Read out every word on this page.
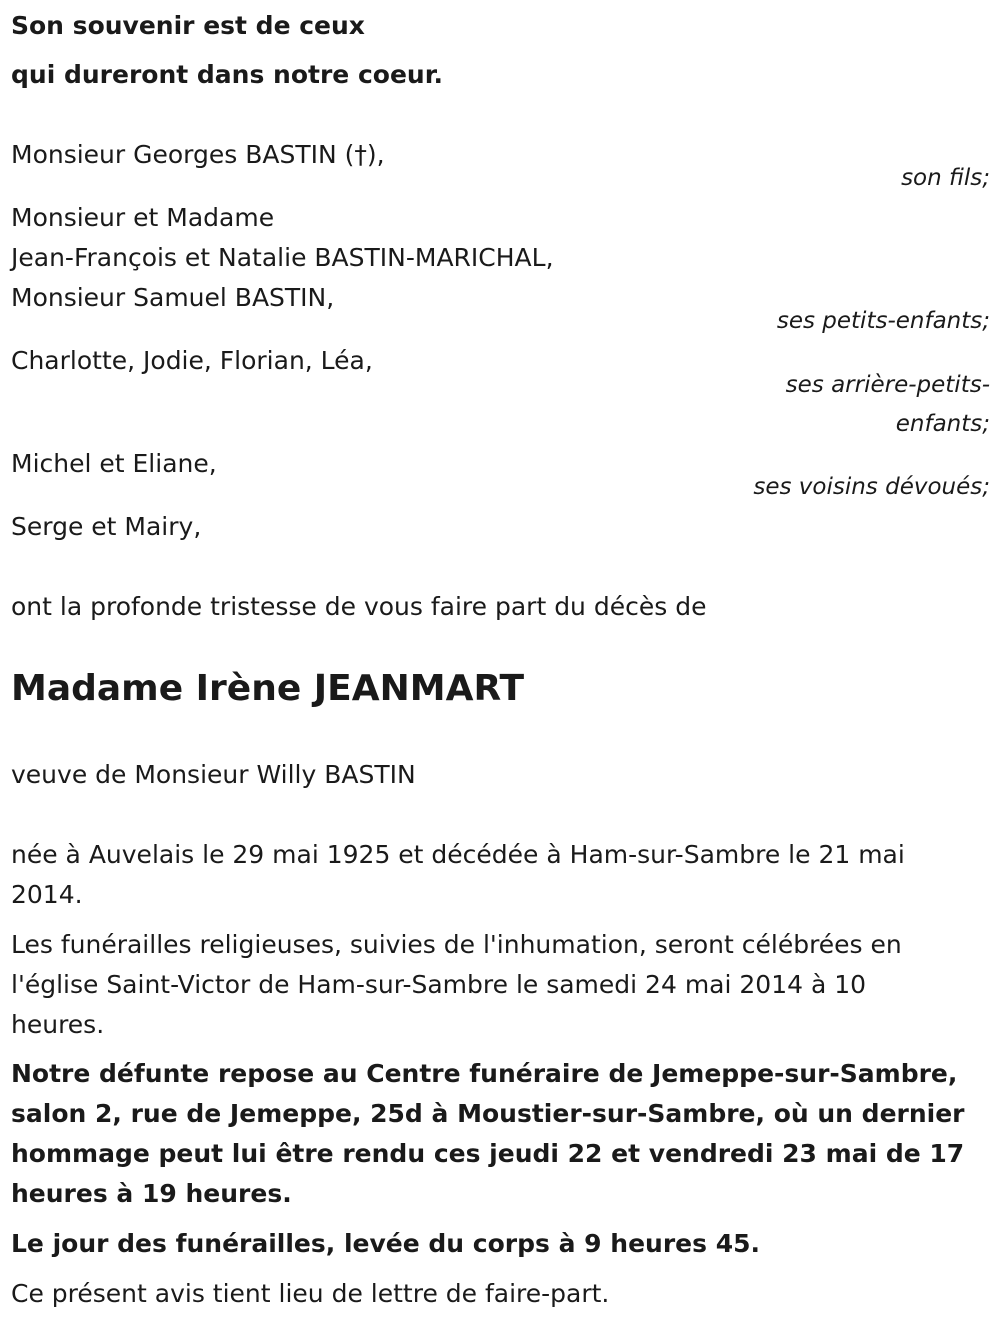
Son souvenir est de ceux

qui dureront dans notre coeur.

Monsieur Georges BASTIN (†),

son fils;

Monsieur et Madame

Jean-François et Natalie BASTIN-MARICHAL,

Monsieur Samuel BASTIN,

ses petits-enfants;

Charlotte, Jodie, Florian, Léa,

ses arrière-petits-

enfants;

Michel et Eliane,

ses voisins dévoués;

Serge et Mairy,

ont la profonde tristesse de vous faire part du décès de

Madame Irène JEANMART

veuve de Monsieur Willy BASTIN

née à Auvelais le 29 mai 1925 et décédée à Ham-sur-Sambre le 21 mai

2014.

Les funérailles religieuses, suivies de l'inhumation, seront célébrées en

l'église Saint-Victor de Ham-sur-Sambre le samedi 24 mai 2014 à 10

heures.

Notre défunte repose au Centre funéraire de Jemeppe-sur-Sambre,

salon 2, rue de Jemeppe, 25d à Moustier-sur-Sambre, où un dernier

hommage peut lui être rendu ces jeudi 22 et vendredi 23 mai de 17

heures à 19 heures.

Le jour des funérailles, levée du corps à 9 heures 45.

Ce présent avis tient lieu de lettre de faire-part.
